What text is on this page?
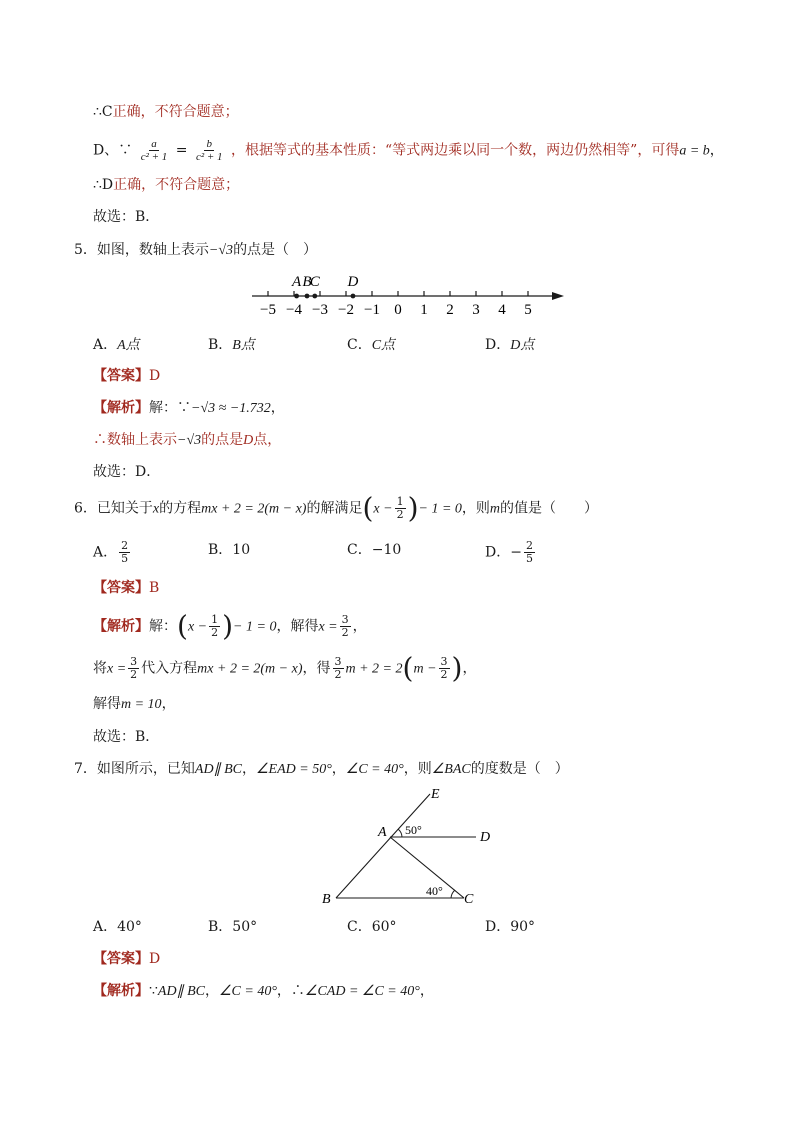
∴C正确，不符合题意；
D、∵ $\frac{a}{\text{c² + 1}} = \frac{b}{\text{c² + 1}}$ ，根据等式的基本性质：“等式两边乘以同一个数，两边仍然相等”，可得a = b，
∴D正确，不符合题意；
故选：B．
5．如图，数轴上表示−√3的点是（　）
−5 −4 −3 −2 −1 0 1 2 3 4 5
A B
C D
A．A点	B．B点	C．C点	D．D点
【答案】D
【解析】解：∵−√3 ≈ −1.732，
∴数轴上表示−√3的点是D点，
故选：D．
6．已知关于x的方程mx + 2 = 2(m − x)的解满足($x - \frac{1}{2}$ )− 1 = 0，则m的值是（　　）
A． $\frac{2}{5}$	B．10	C．−10	D．− $\frac{2}{5}$
【答案】B
【解析】解：($x - \frac{1}{2}$ )− 1 = 0，解得$x = \frac{3}{2}$ ，
将$x = \frac{3}{2}$ 代入方程mx + 2 = 2(m − x)，得 $\frac{3}{2}$ $m + 2 = 2(m - \frac{3}{2}$ )，
解得m = 10，
故选：B．
7．如图所示，已知AD∥ BC，∠EAD = 50°，∠C = 40°，则∠BAC的度数是（　）
E
A	D
B	C
50°
40°
A．40°	B．50°	C．60°	D．90°
【答案】D
【解析】∵AD∥ BC，∠C = 40°，∴∠CAD = ∠C = 40°，
